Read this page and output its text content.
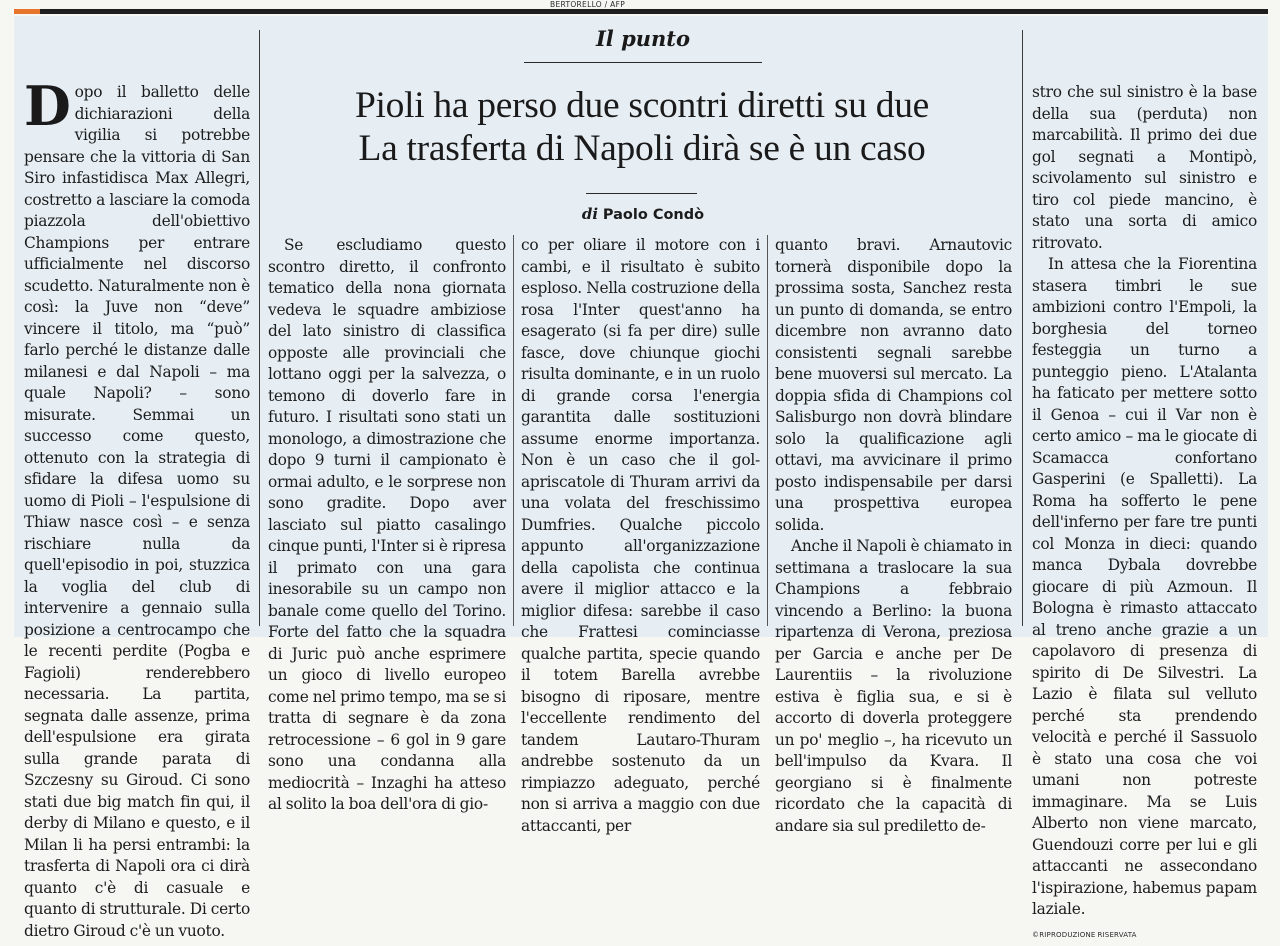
BERTORELLO / AFP
Il punto
Pioli ha perso due scontri diretti su due
La trasferta di Napoli dirà se è un caso
di Paolo Condò

Dopo il balletto delle dichiarazioni della vigilia si potrebbe pensare che la vittoria di San Siro infastidisca Max Allegri, costretto a lasciare la comoda piazzola dell'obiettivo Champions per entrare ufficialmente nel discorso scudetto. Naturalmente non è così: la Juve non “deve” vincere il titolo, ma “può” farlo perché le distanze dalle milanesi e dal Napoli – ma quale Napoli? – sono misurate. Semmai un successo come questo, ottenuto con la strategia di sfidare la difesa uomo su uomo di Pioli – l'espulsione di Thiaw nasce così – e senza rischiare nulla da quell'episodio in poi, stuzzica la voglia del club di intervenire a gennaio sulla posizione a centrocampo che le recenti perdite (Pogba e Fagioli) renderebbero necessaria. La partita, segnata dalle assenze, prima dell'espulsione era girata sulla grande parata di Szczesny su Giroud. Ci sono stati due big match fin qui, il derby di Milano e questo, e il Milan li ha persi entrambi: la trasferta di Napoli ora ci dirà quanto c'è di casuale e quanto di strutturale. Di certo dietro Giroud c'è un vuoto.

Se escludiamo questo scontro diretto, il confronto tematico della nona giornata vedeva le squadre ambiziose del lato sinistro di classifica opposte alle provinciali che lottano oggi per la salvezza, o temono di doverlo fare in futuro. I risultati sono stati un monologo, a dimostrazione che dopo 9 turni il campionato è ormai adulto, e le sorprese non sono gradite. Dopo aver lasciato sul piatto casalingo cinque punti, l'Inter si è ripresa il primato con una gara inesorabile su un campo non banale come quello del Torino. Forte del fatto che la squadra di Juric può anche esprimere un gioco di livello europeo come nel primo tempo, ma se si tratta di segnare è da zona retrocessione – 6 gol in 9 gare sono una condanna alla mediocrità – Inzaghi ha atteso al solito la boa dell'ora di gio-

co per oliare il motore con i cambi, e il risultato è subito esploso. Nella costruzione della rosa l'Inter quest'anno ha esagerato (si fa per dire) sulle fasce, dove chiunque giochi risulta dominante, e in un ruolo di grande corsa l'energia garantita dalle sostituzioni assume enorme importanza. Non è un caso che il gol-apriscatole di Thuram arrivi da una volata del freschissimo Dumfries. Qualche piccolo appunto all'organizzazione della capolista che continua avere il miglior attacco e la miglior difesa: sarebbe il caso che Frattesi cominciasse qualche partita, specie quando il totem Barella avrebbe bisogno di riposare, mentre l'eccellente rendimento del tandem Lautaro-Thuram andrebbe sostenuto da un rimpiazzo adeguato, perché non si arriva a maggio con due attaccanti, per

quanto bravi. Arnautovic tornerà disponibile dopo la prossima sosta, Sanchez resta un punto di domanda, se entro dicembre non avranno dato consistenti segnali sarebbe bene muoversi sul mercato. La doppia sfida di Champions col Salisburgo non dovrà blindare solo la qualificazione agli ottavi, ma avvicinare il primo posto indispensabile per darsi una prospettiva europea solida.

Anche il Napoli è chiamato in settimana a traslocare la sua Champions a febbraio vincendo a Berlino: la buona ripartenza di Verona, preziosa per Garcia e anche per De Laurentiis – la rivoluzione estiva è figlia sua, e si è accorto di doverla proteggere un po' meglio –, ha ricevuto un bell'impulso da Kvara. Il georgiano si è finalmente ricordato che la capacità di andare sia sul prediletto de-

stro che sul sinistro è la base della sua (perduta) non marcabilità. Il primo dei due gol segnati a Montipò, scivolamento sul sinistro e tiro col piede mancino, è stato una sorta di amico ritrovato.

In attesa che la Fiorentina stasera timbri le sue ambizioni contro l'Empoli, la borghesia del torneo festeggia un turno a punteggio pieno. L'Atalanta ha faticato per mettere sotto il Genoa – cui il Var non è certo amico – ma le giocate di Scamacca confortano Gasperini (e Spalletti). La Roma ha sofferto le pene dell'inferno per fare tre punti col Monza in dieci: quando manca Dybala dovrebbe giocare di più Azmoun. Il Bologna è rimasto attaccato al treno anche grazie a un capolavoro di presenza di spirito di De Silvestri. La Lazio è filata sul velluto perché sta prendendo velocità e perché il Sassuolo è stato una cosa che voi umani non potreste immaginare. Ma se Luis Alberto non viene marcato, Guendouzi corre per lui e gli attaccanti ne assecondano l'ispirazione, habemus papam laziale.

©RIPRODUZIONE RISERVATA
